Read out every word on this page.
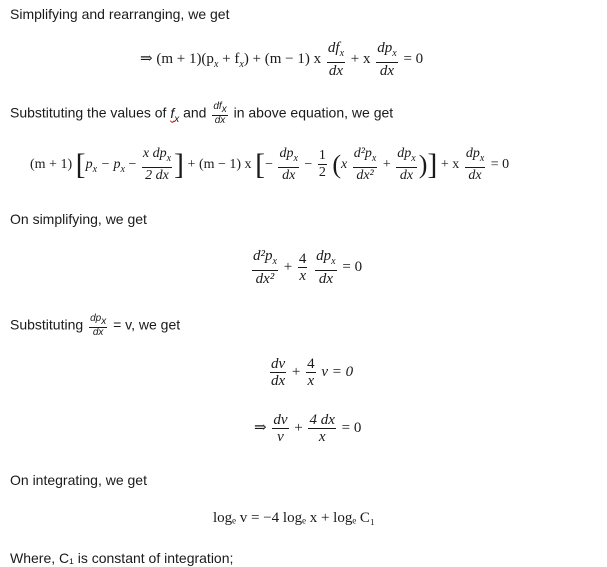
Simplifying and rearranging, we get
⇒ $(m + 1)(p_x + f_x) + (m - 1)$ x $\frac{df_x}{dx} + x \frac{dp_x}{dx} = 0$
Substituting the values of $f_x$ and $\frac{df_x}{dx}$ in above equation, we get
(m + 1) [$p_x - p_x - \frac{x dp_x}{2 dx}$ ] + (m − 1) x [− $\frac{dp_x}{dx} - \frac{1}{2} (x \frac{d^2p_x}{\text{dx²}} + \frac{dp_x}{dx}$ )] + x $\frac{dp_x}{dx} = 0$
On simplifying, we get
$\frac{d^2p_x}{\text{dx²}} + \frac{4}{x}$
$\frac{dp_x}{dx} = 0$
Substituting $\frac{dp_x}{dx} = v$, we get
$\frac{dv}{dx} + \frac{4}{x}$ v = 0
⇒ $\frac{dv}{v} + \frac{4 dx}{x} = 0$
On integrating, we get
logₑ v = −4 logₑ x + logₑ C₁
Where, C₁ is constant of integration;
